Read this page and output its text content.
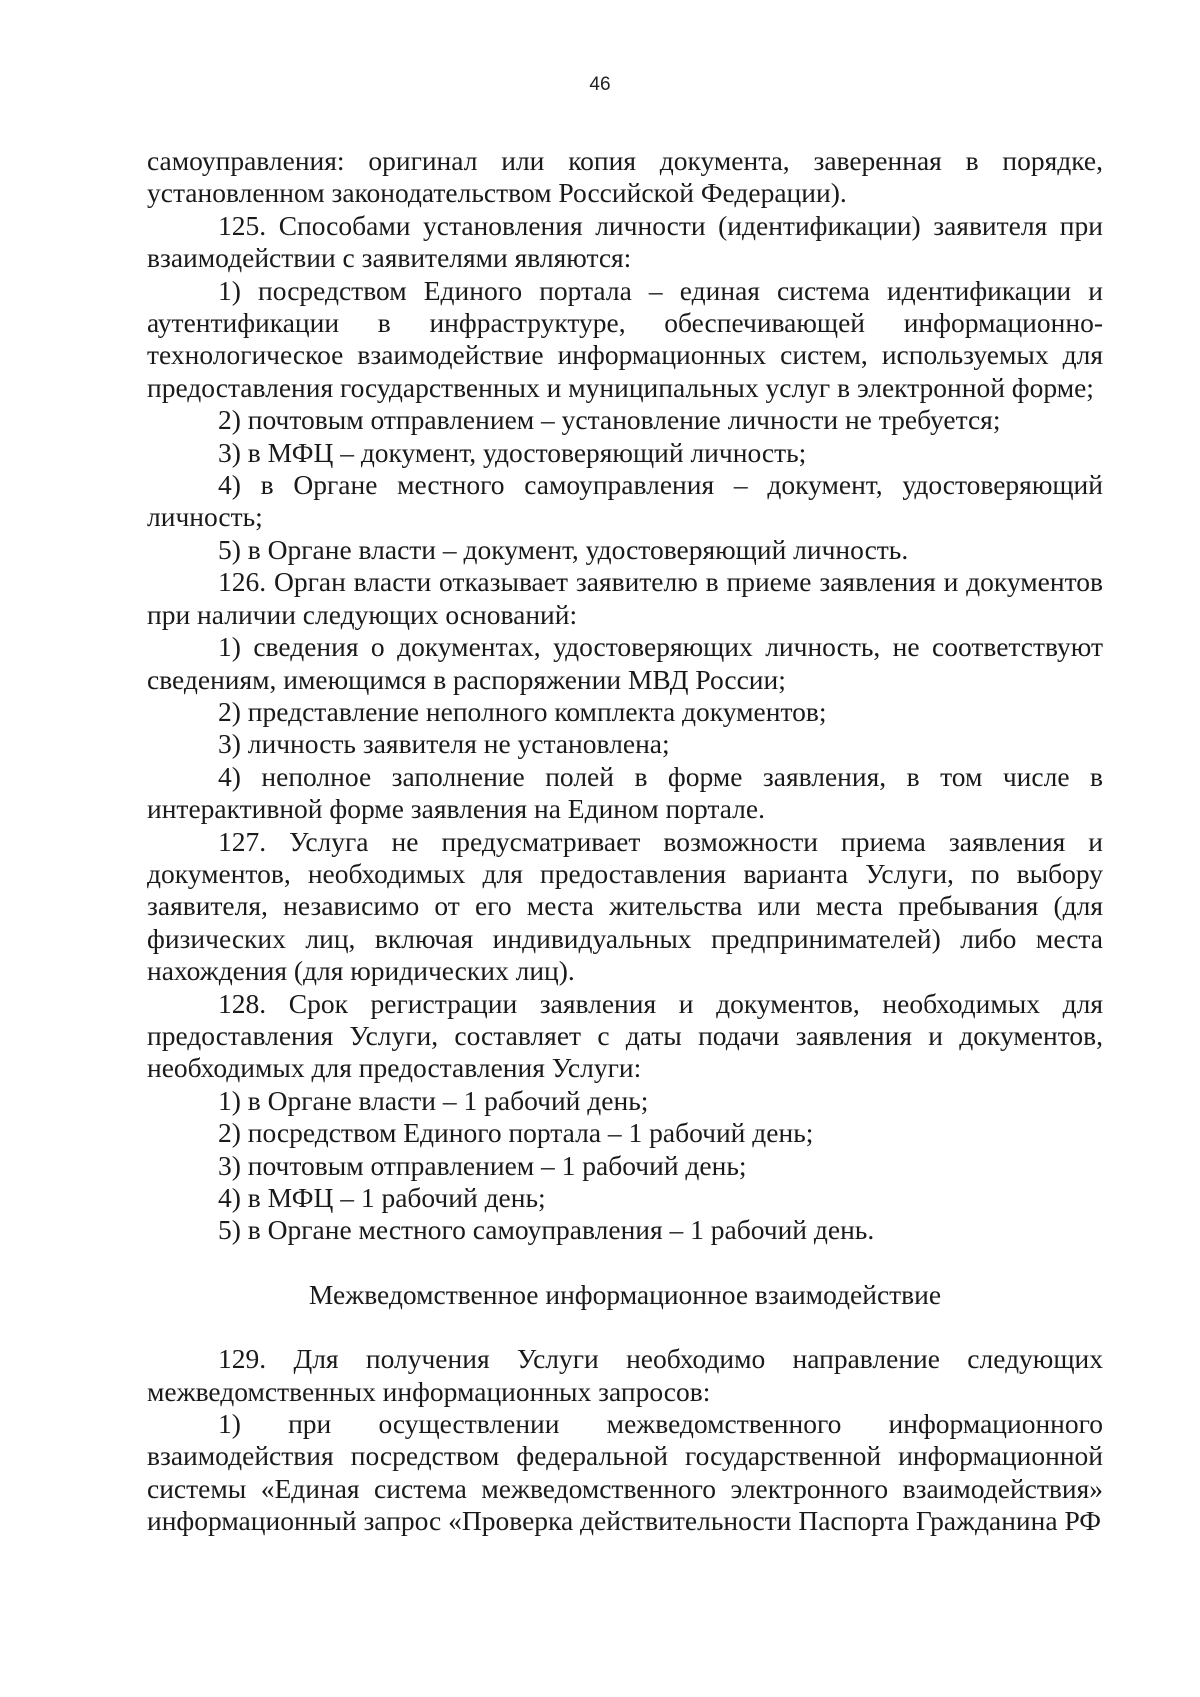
46

самоуправления: оригинал или копия документа, заверенная в порядке, установленном законодательством Российской Федерации).

125. Способами установления личности (идентификации) заявителя при взаимодействии с заявителями являются:

1) посредством Единого портала – единая система идентификации и аутентификации в инфраструктуре, обеспечивающей информационно-технологическое взаимодействие информационных систем, используемых для предоставления государственных и муниципальных услуг в электронной форме;

2) почтовым отправлением – установление личности не требуется;

3) в МФЦ – документ, удостоверяющий личность;

4) в Органе местного самоуправления – документ, удостоверяющий личность;

5) в Органе власти – документ, удостоверяющий личность.

126. Орган власти отказывает заявителю в приеме заявления и документов при наличии следующих оснований:

1) сведения о документах, удостоверяющих личность, не соответствуют сведениям, имеющимся в распоряжении МВД России;

2) представление неполного комплекта документов;

3) личность заявителя не установлена;

4) неполное заполнение полей в форме заявления, в том числе в интерактивной форме заявления на Едином портале.

127. Услуга не предусматривает возможности приема заявления и документов, необходимых для предоставления варианта Услуги, по выбору заявителя, независимо от его места жительства или места пребывания (для физических лиц, включая индивидуальных предпринимателей) либо места нахождения (для юридических лиц).

128. Срок регистрации заявления и документов, необходимых для предоставления Услуги, составляет с даты подачи заявления и документов, необходимых для предоставления Услуги:

1) в Органе власти – 1 рабочий день;

2) посредством Единого портала – 1 рабочий день;

3) почтовым отправлением – 1 рабочий день;

4) в МФЦ – 1 рабочий день;

5) в Органе местного самоуправления – 1 рабочий день.

Межведомственное информационное взаимодействие

129. Для получения Услуги необходимо направление следующих межведомственных информационных запросов:

1) при осуществлении межведомственного информационного взаимодействия посредством федеральной государственной информационной системы «Единая система межведомственного электронного взаимодействия» информационный запрос «Проверка действительности Паспорта Гражданина РФ
